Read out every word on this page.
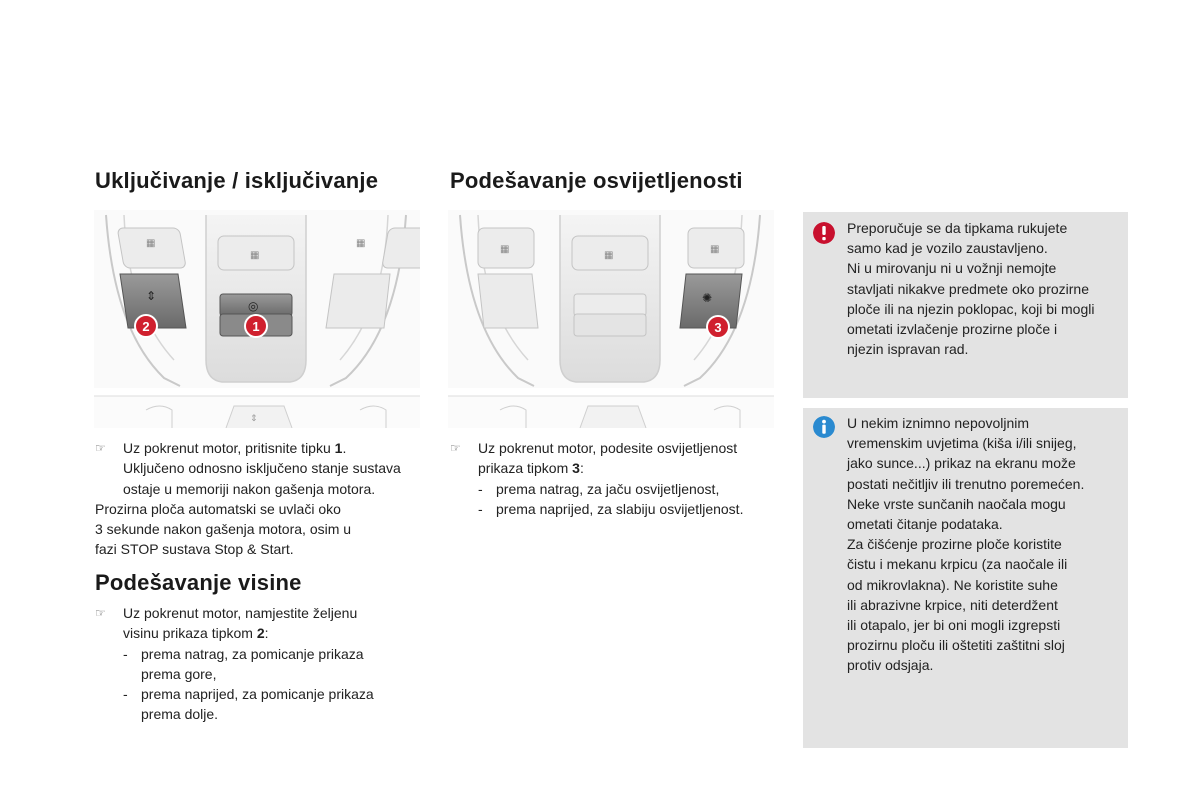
Uključivanje / isključivanje
▦
▦
▦
⇕
◎
⇕
2	1
☞ Uz pokrenut motor, pritisnite tipku 1.
Uključeno odnosno isključeno stanje sustava
ostaje u memoriji nakon gašenja motora.
Prozirna ploča automatski se uvlači oko
3 sekunde nakon gašenja motora, osim u
fazi STOP sustava Stop & Start.
Podešavanje visine
☞ Uz pokrenut motor, namjestite željenu
visinu prikaza tipkom 2:
- prema natrag, za pomicanje prikaza
prema gore,
- prema naprijed, za pomicanje prikaza
prema dolje.
Podešavanje osvijetljenosti
▦
▦
▦
✺
3
☞ Uz pokrenut motor, podesite osvijetljenost
prikaza tipkom 3:
- prema natrag, za jaču osvijetljenost,
- prema naprijed, za slabiju osvijetljenost.
Preporučuje se da tipkama rukujete
samo kad je vozilo zaustavljeno.
Ni u mirovanju ni u vožnji nemojte
stavljati nikakve predmete oko prozirne
ploče ili na njezin poklopac, koji bi mogli
ometati izvlačenje prozirne ploče i
njezin ispravan rad.
U nekim iznimno nepovoljnim
vremenskim uvjetima (kiša i/ili snijeg,
jako sunce...) prikaz na ekranu može
postati nečitljiv ili trenutno poremećen.
Neke vrste sunčanih naočala mogu
ometati čitanje podataka.
Za čišćenje prozirne ploče koristite
čistu i mekanu krpicu (za naočale ili
od mikrovlakna). Ne koristite suhe
ili abrazivne krpice, niti deterdžent
ili otapalo, jer bi oni mogli izgrepsti
prozirnu ploču ili oštetiti zaštitni sloj
protiv odsjaja.
